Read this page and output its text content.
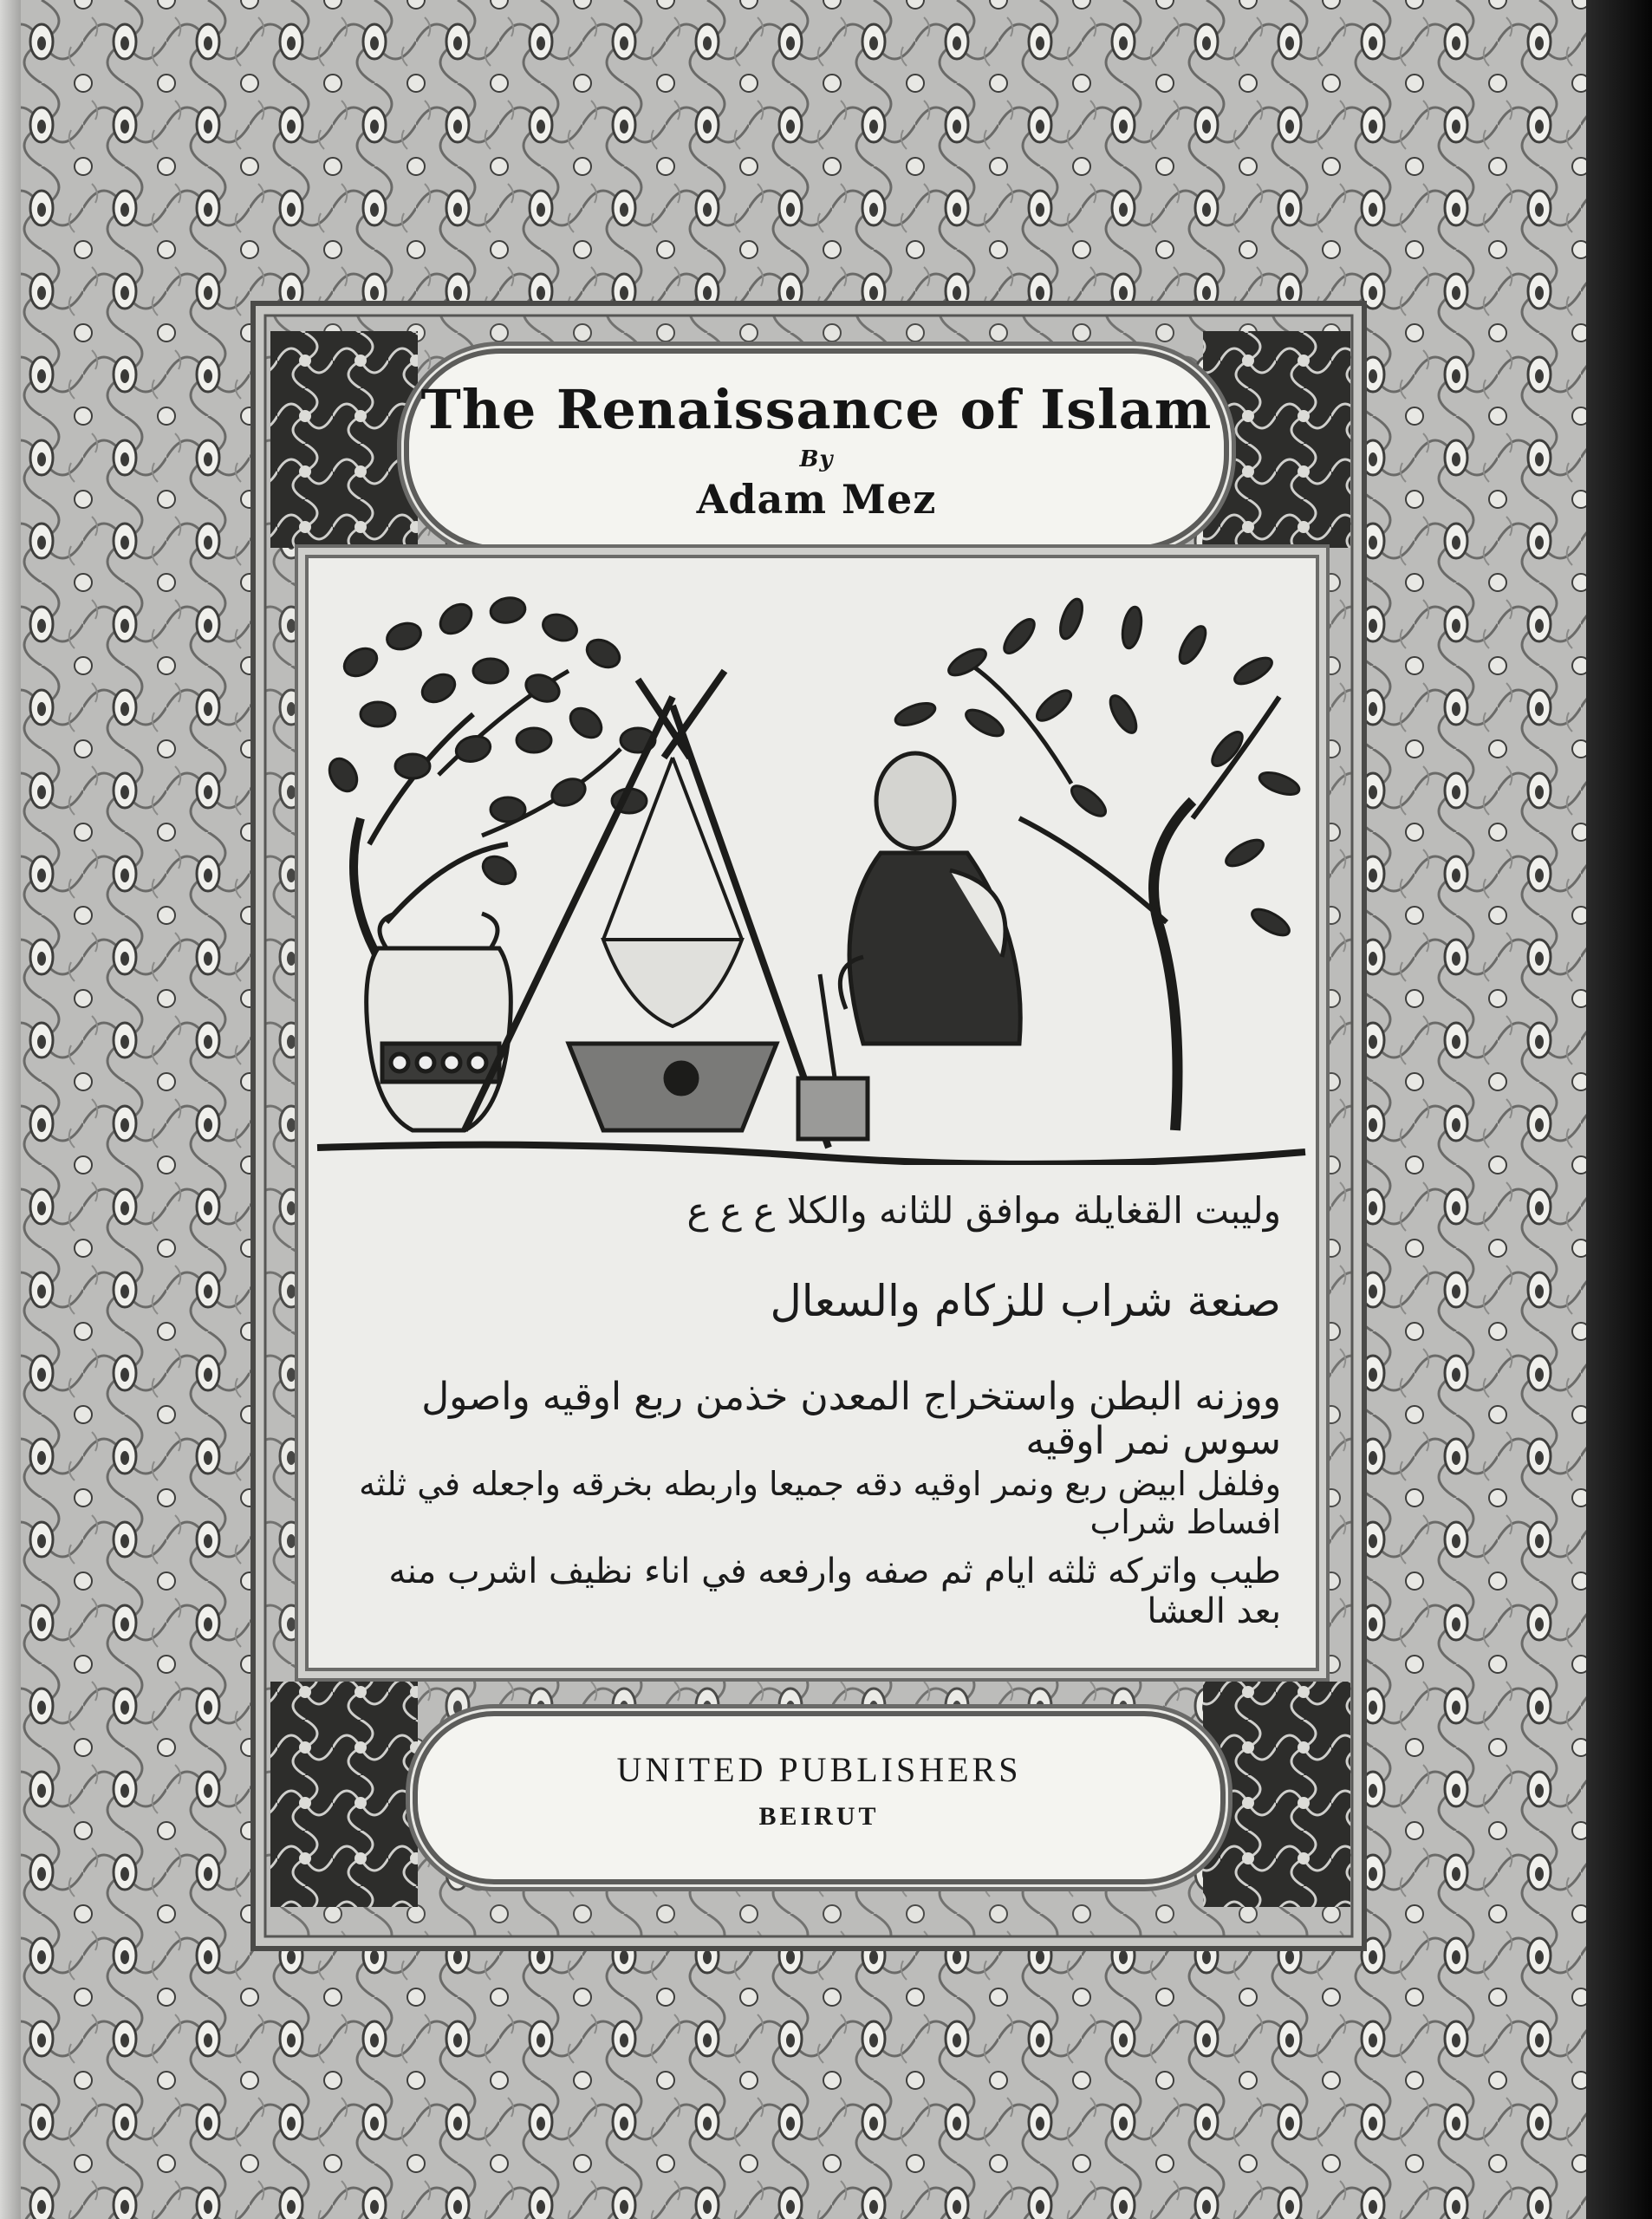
The Renaissance of Islam
By
Adam Mez
وليبت القغايلة موافق للثانه والكلا ع ع ع
صنعة شراب للزكام والسعال
ووزنه البطن واستخراج المعدن خذمن ربع اوقيه واصول سوس نمر اوقيه
وفلفل ابيض ربع ونمر اوقيه دقه جميعا واربطه بخرقه واجعله في ثلثه افساط شراب
طيب واتركه ثلثه ايام ثم صفه وارفعه في اناء نظيف اشرب منه بعد العشا
UNITED PUBLISHERS
BEIRUT
